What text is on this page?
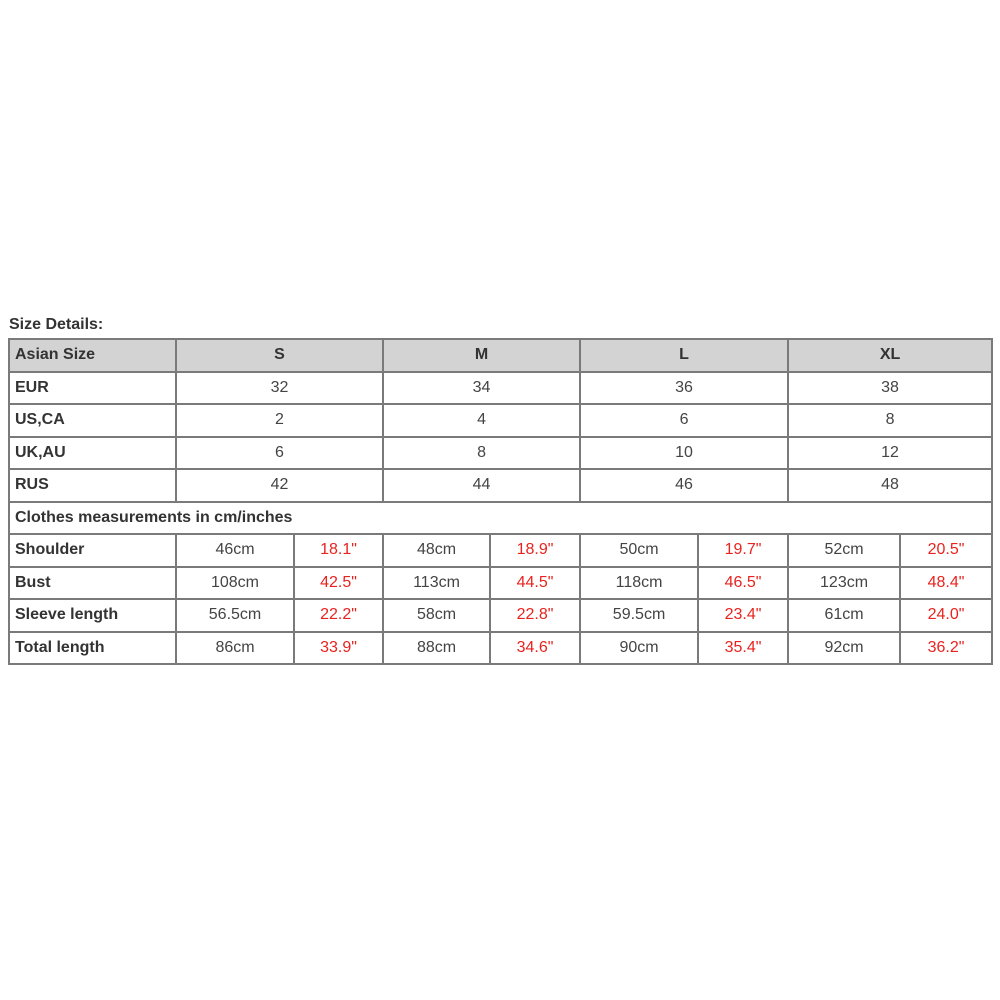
Size Details:
Asian Size	S		M		L		XL	
EUR	32		34		36		38	
US,CA	2		4		6		8	
UK,AU	6		8		10		12	
RUS	42		44		46		48	
Clothes measurements in cm/inches								
Shoulder	46cm	18.1"	48cm	18.9"	50cm	19.7"	52cm	20.5"
Bust	108cm	42.5"	113cm	44.5"	118cm	46.5"	123cm	48.4"
Sleeve length	56.5cm	22.2"	58cm	22.8"	59.5cm	23.4"	61cm	24.0"
Total length	86cm	33.9"	88cm	34.6"	90cm	35.4"	92cm	36.2"
